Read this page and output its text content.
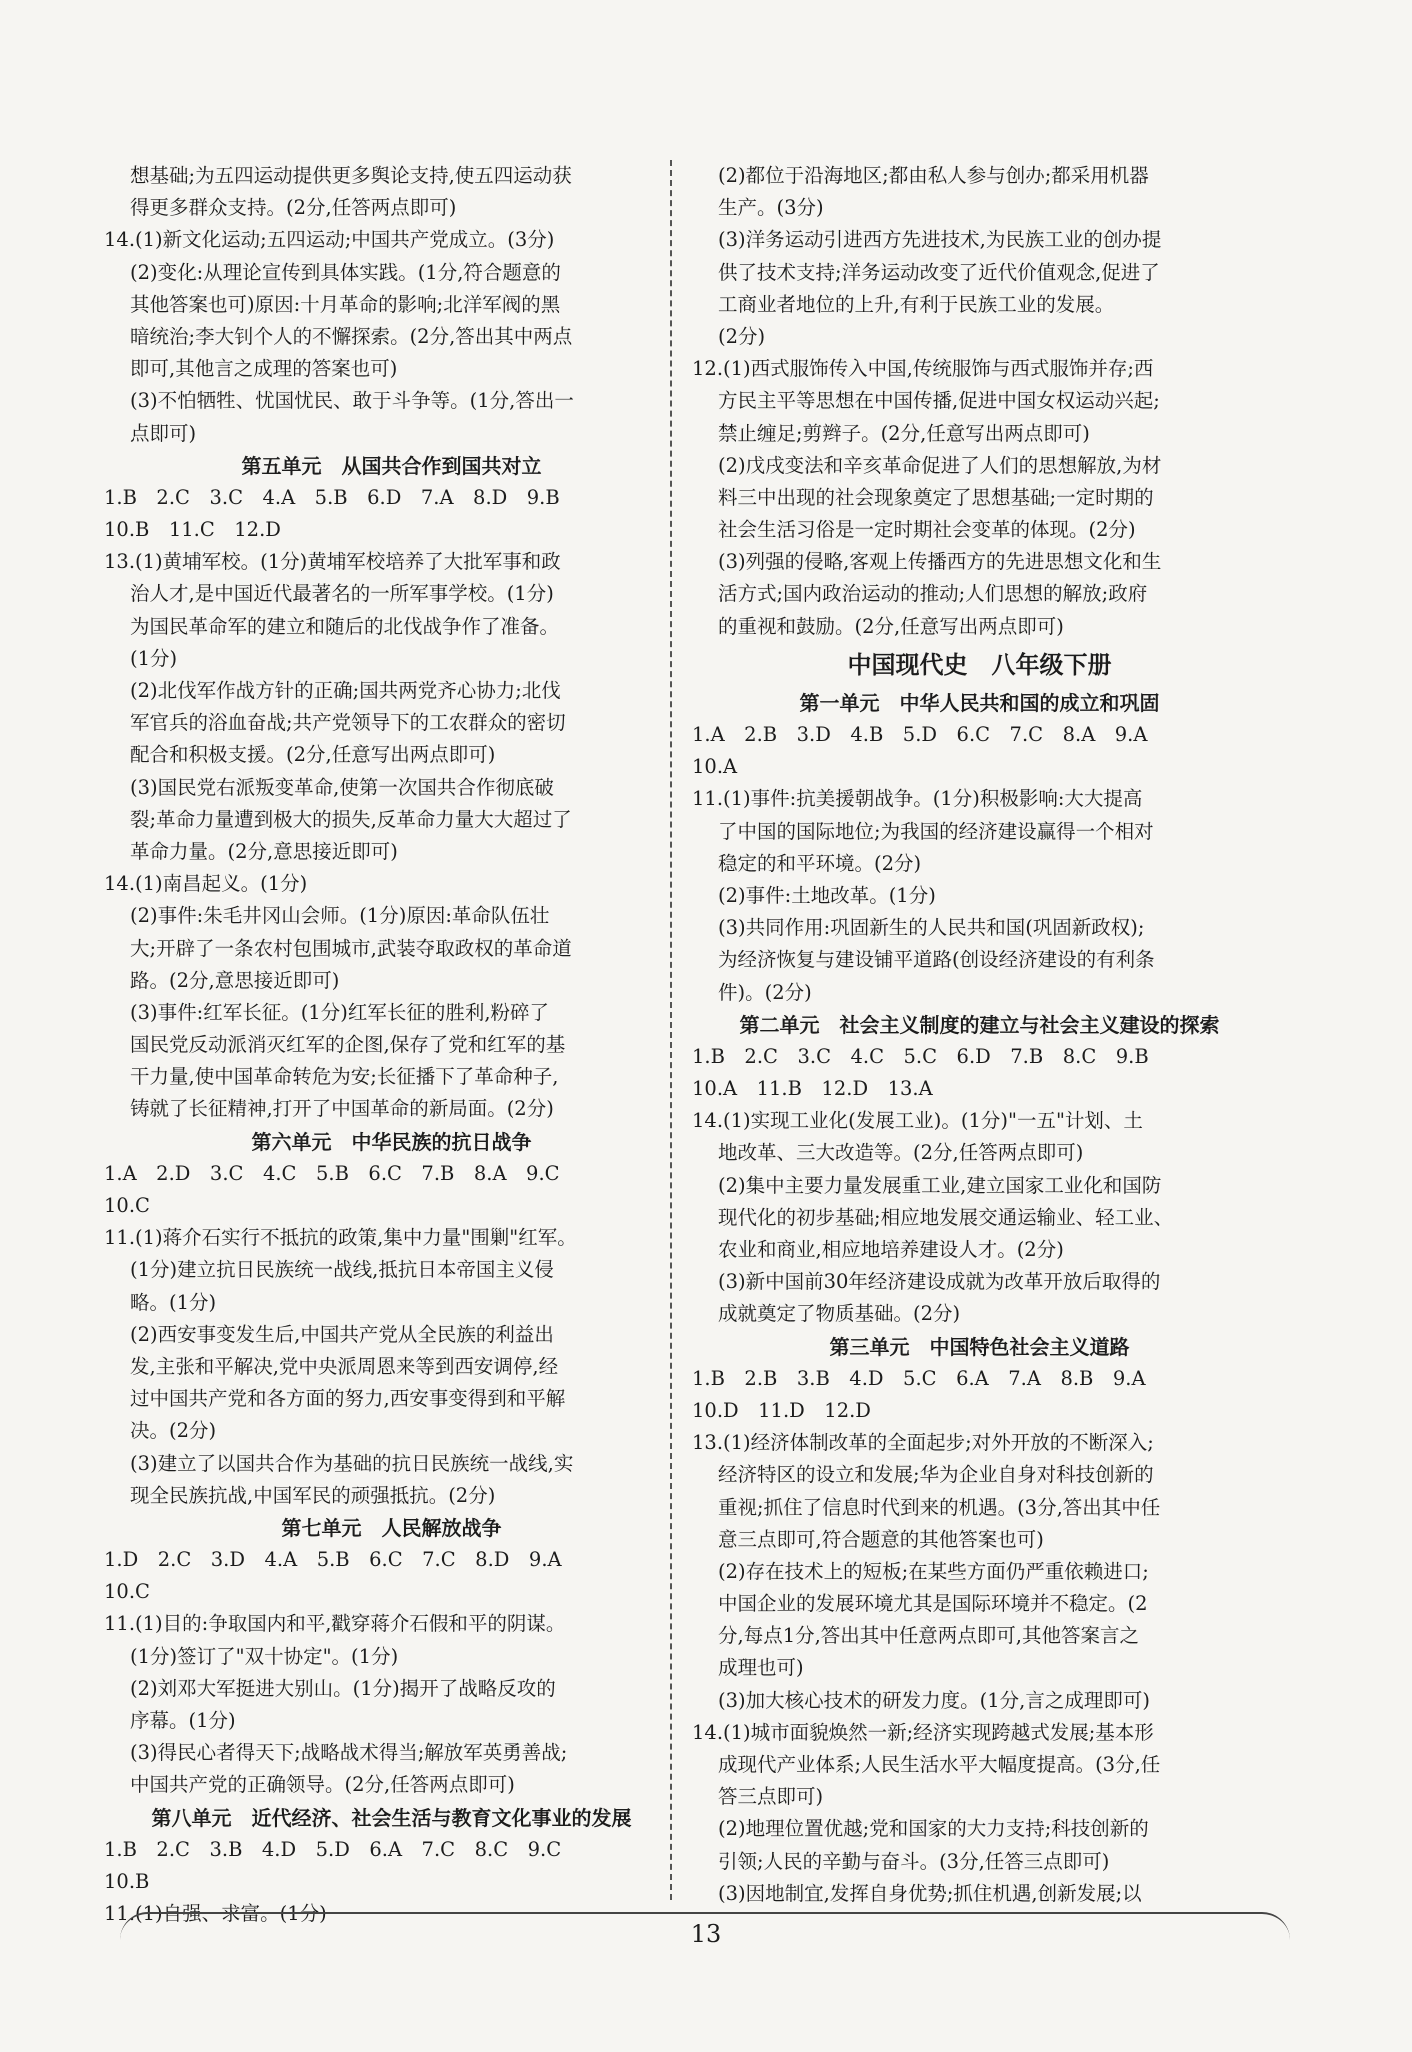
想基础;为五四运动提供更多舆论支持,使五四运动获
得更多群众支持。(2分,任答两点即可)
14.(1)新文化运动;五四运动;中国共产党成立。(3分)
(2)变化:从理论宣传到具体实践。(1分,符合题意的
其他答案也可)原因:十月革命的影响;北洋军阀的黑
暗统治;李大钊个人的不懈探索。(2分,答出其中两点
即可,其他言之成理的答案也可)
(3)不怕牺牲、忧国忧民、敢于斗争等。(1分,答出一
点即可)
第五单元　从国共合作到国共对立
1.B　2.C　3.C　4.A　5.B　6.D　7.A　8.D　9.B
10.B　11.C　12.D
13.(1)黄埔军校。(1分)黄埔军校培养了大批军事和政
治人才,是中国近代最著名的一所军事学校。(1分)
为国民革命军的建立和随后的北伐战争作了准备。
(1分)
(2)北伐军作战方针的正确;国共两党齐心协力;北伐
军官兵的浴血奋战;共产党领导下的工农群众的密切
配合和积极支援。(2分,任意写出两点即可)
(3)国民党右派叛变革命,使第一次国共合作彻底破
裂;革命力量遭到极大的损失,反革命力量大大超过了
革命力量。(2分,意思接近即可)
14.(1)南昌起义。(1分)
(2)事件:朱毛井冈山会师。(1分)原因:革命队伍壮
大;开辟了一条农村包围城市,武装夺取政权的革命道
路。(2分,意思接近即可)
(3)事件:红军长征。(1分)红军长征的胜利,粉碎了
国民党反动派消灭红军的企图,保存了党和红军的基
干力量,使中国革命转危为安;长征播下了革命种子,
铸就了长征精神,打开了中国革命的新局面。(2分)
第六单元　中华民族的抗日战争
1.A　2.D　3.C　4.C　5.B　6.C　7.B　8.A　9.C
10.C
11.(1)蒋介石实行不抵抗的政策,集中力量"围剿"红军。
(1分)建立抗日民族统一战线,抵抗日本帝国主义侵
略。(1分)
(2)西安事变发生后,中国共产党从全民族的利益出
发,主张和平解决,党中央派周恩来等到西安调停,经
过中国共产党和各方面的努力,西安事变得到和平解
决。(2分)
(3)建立了以国共合作为基础的抗日民族统一战线,实
现全民族抗战,中国军民的顽强抵抗。(2分)
第七单元　人民解放战争
1.D　2.C　3.D　4.A　5.B　6.C　7.C　8.D　9.A
10.C
11.(1)目的:争取国内和平,戳穿蒋介石假和平的阴谋。
(1分)签订了"双十协定"。(1分)
(2)刘邓大军挺进大别山。(1分)揭开了战略反攻的
序幕。(1分)
(3)得民心者得天下;战略战术得当;解放军英勇善战;
中国共产党的正确领导。(2分,任答两点即可)
第八单元　近代经济、社会生活与教育文化事业的发展
1.B　2.C　3.B　4.D　5.D　6.A　7.C　8.C　9.C
10.B
11.(1)自强、求富。(1分)
(2)都位于沿海地区;都由私人参与创办;都采用机器
生产。(3分)
(3)洋务运动引进西方先进技术,为民族工业的创办提
供了技术支持;洋务运动改变了近代价值观念,促进了
工商业者地位的上升,有利于民族工业的发展。
(2分)
12.(1)西式服饰传入中国,传统服饰与西式服饰并存;西
方民主平等思想在中国传播,促进中国女权运动兴起;
禁止缠足;剪辫子。(2分,任意写出两点即可)
(2)戊戌变法和辛亥革命促进了人们的思想解放,为材
料三中出现的社会现象奠定了思想基础;一定时期的
社会生活习俗是一定时期社会变革的体现。(2分)
(3)列强的侵略,客观上传播西方的先进思想文化和生
活方式;国内政治运动的推动;人们思想的解放;政府
的重视和鼓励。(2分,任意写出两点即可)
中国现代史　八年级下册
第一单元　中华人民共和国的成立和巩固
1.A　2.B　3.D　4.B　5.D　6.C　7.C　8.A　9.A
10.A
11.(1)事件:抗美援朝战争。(1分)积极影响:大大提高
了中国的国际地位;为我国的经济建设赢得一个相对
稳定的和平环境。(2分)
(2)事件:土地改革。(1分)
(3)共同作用:巩固新生的人民共和国(巩固新政权);
为经济恢复与建设铺平道路(创设经济建设的有利条
件)。(2分)
第二单元　社会主义制度的建立与社会主义建设的探索
1.B　2.C　3.C　4.C　5.C　6.D　7.B　8.C　9.B
10.A　11.B　12.D　13.A
14.(1)实现工业化(发展工业)。(1分)"一五"计划、土
地改革、三大改造等。(2分,任答两点即可)
(2)集中主要力量发展重工业,建立国家工业化和国防
现代化的初步基础;相应地发展交通运输业、轻工业、
农业和商业,相应地培养建设人才。(2分)
(3)新中国前30年经济建设成就为改革开放后取得的
成就奠定了物质基础。(2分)
第三单元　中国特色社会主义道路
1.B　2.B　3.B　4.D　5.C　6.A　7.A　8.B　9.A
10.D　11.D　12.D
13.(1)经济体制改革的全面起步;对外开放的不断深入;
经济特区的设立和发展;华为企业自身对科技创新的
重视;抓住了信息时代到来的机遇。(3分,答出其中任
意三点即可,符合题意的其他答案也可)
(2)存在技术上的短板;在某些方面仍严重依赖进口;
中国企业的发展环境尤其是国际环境并不稳定。(2
分,每点1分,答出其中任意两点即可,其他答案言之
成理也可)
(3)加大核心技术的研发力度。(1分,言之成理即可)
14.(1)城市面貌焕然一新;经济实现跨越式发展;基本形
成现代产业体系;人民生活水平大幅度提高。(3分,任
答三点即可)
(2)地理位置优越;党和国家的大力支持;科技创新的
引领;人民的辛勤与奋斗。(3分,任答三点即可)
(3)因地制宜,发挥自身优势;抓住机遇,创新发展;以
13
